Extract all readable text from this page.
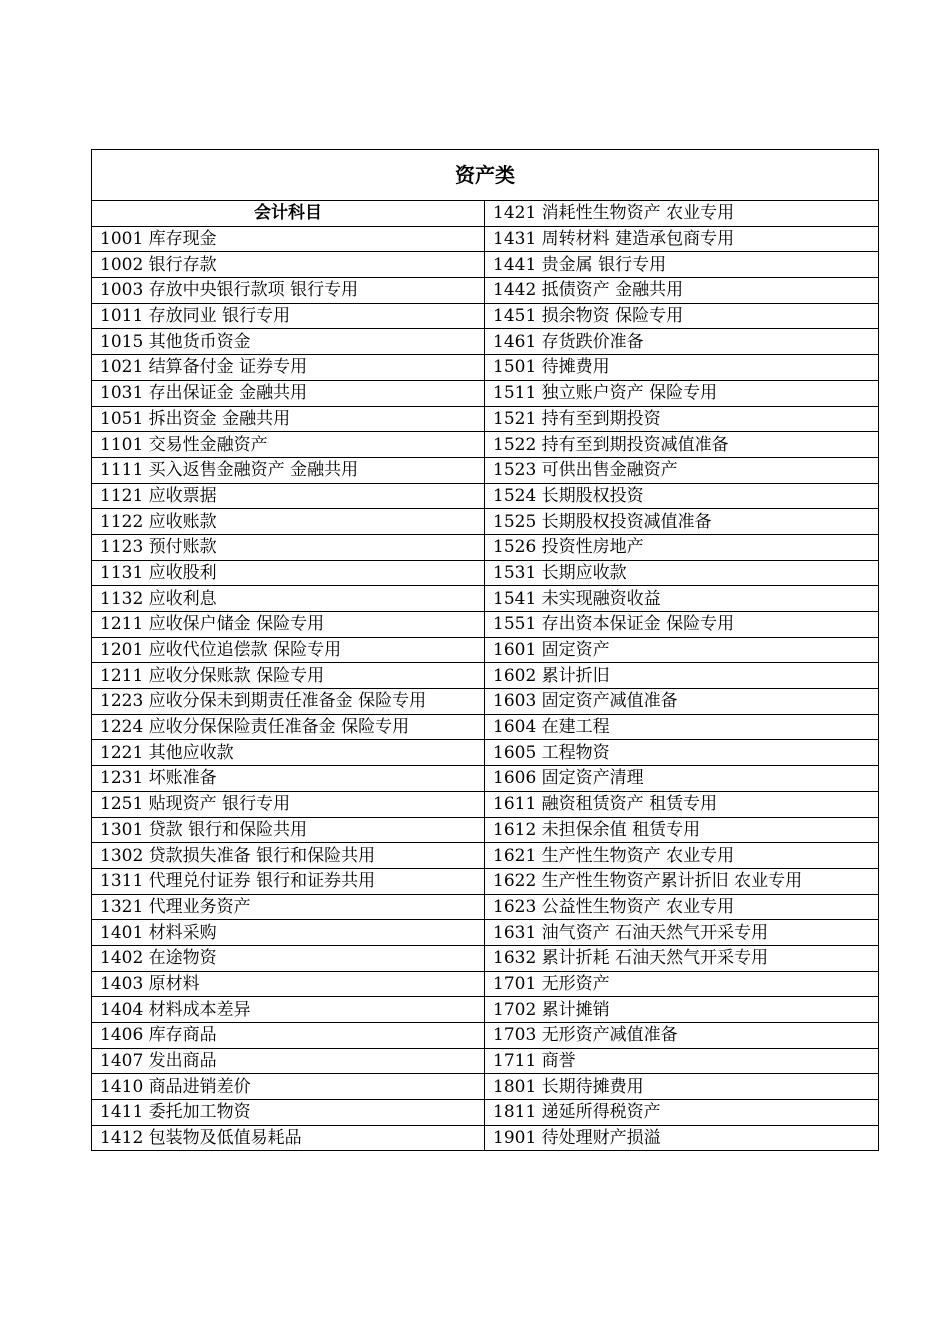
资产类	
会计科目	1421 消耗性生物资产 农业专用
1001 库存现金	1431 周转材料 建造承包商专用
1002 银行存款	1441 贵金属 银行专用
1003 存放中央银行款项 银行专用	1442 抵债资产 金融共用
1011 存放同业 银行专用	1451 损余物资 保险专用
1015 其他货币资金	1461 存货跌价准备
1021 结算备付金 证券专用	1501 待摊费用
1031 存出保证金 金融共用	1511 独立账户资产 保险专用
1051 拆出资金 金融共用	1521 持有至到期投资
1101 交易性金融资产	1522 持有至到期投资减值准备
1111 买入返售金融资产 金融共用	1523 可供出售金融资产
1121 应收票据	1524 长期股权投资
1122 应收账款	1525 长期股权投资减值准备
1123 预付账款	1526 投资性房地产
1131 应收股利	1531 长期应收款
1132 应收利息	1541 未实现融资收益
1211 应收保户储金 保险专用	1551 存出资本保证金 保险专用
1201 应收代位追偿款 保险专用	1601 固定资产
1211 应收分保账款 保险专用	1602 累计折旧
1223 应收分保未到期责任准备金 保险专用	1603 固定资产减值准备
1224 应收分保保险责任准备金 保险专用	1604 在建工程
1221 其他应收款	1605 工程物资
1231 坏账准备	1606 固定资产清理
1251 贴现资产 银行专用	1611 融资租赁资产 租赁专用
1301 贷款 银行和保险共用	1612 未担保余值 租赁专用
1302 贷款损失准备 银行和保险共用	1621 生产性生物资产 农业专用
1311 代理兑付证券 银行和证券共用	1622 生产性生物资产累计折旧 农业专用
1321 代理业务资产	1623 公益性生物资产 农业专用
1401 材料采购	1631 油气资产 石油天然气开采专用
1402 在途物资	1632 累计折耗 石油天然气开采专用
1403 原材料	1701 无形资产
1404 材料成本差异	1702 累计摊销
1406 库存商品	1703 无形资产减值准备
1407 发出商品	1711 商誉
1410 商品进销差价	1801 长期待摊费用
1411 委托加工物资	1811 递延所得税资产
1412 包装物及低值易耗品	1901 待处理财产损溢
